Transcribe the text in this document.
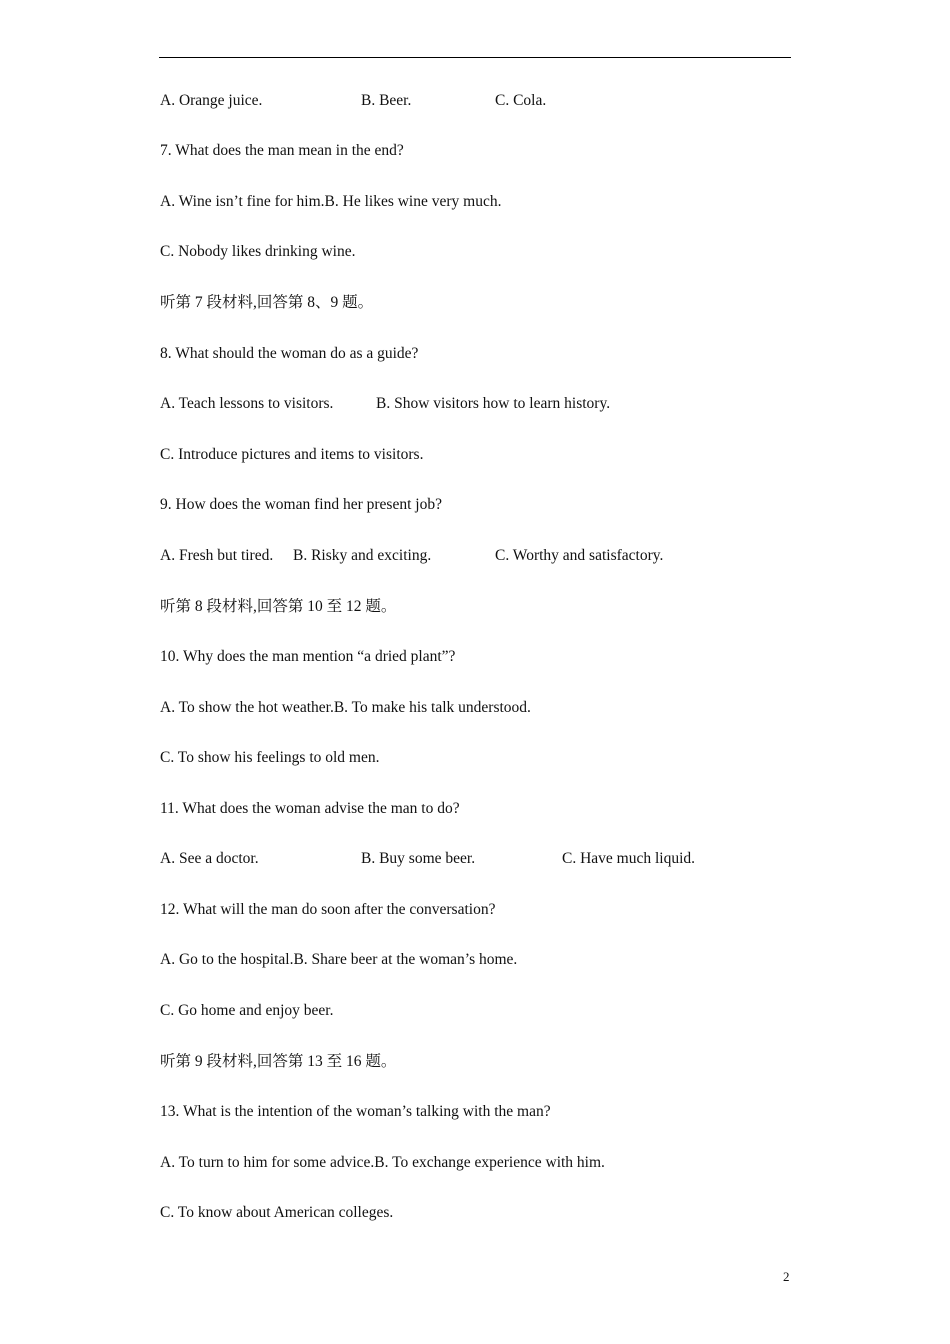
A. Orange juice.	B. Beer.	C. Cola.
7. What does the man mean in the end?
A. Wine isn’t fine for him.B. He likes wine very much.
C. Nobody likes drinking wine.
听第 7 段材料,回答第 8、9 题。
8. What should the woman do as a guide?
A. Teach lessons to visitors.	B. Show visitors how to learn history.
C. Introduce pictures and items to visitors.
9. How does the woman find her present job?
A. Fresh but tired. B. Risky and exciting.	C. Worthy and satisfactory.
听第 8 段材料,回答第 10 至 12 题。
10. Why does the man mention “a dried plant”?
A. To show the hot weather.B. To make his talk understood.
C. To show his feelings to old men.
11. What does the woman advise the man to do?
A. See a doctor.	B. Buy some beer.	C. Have much liquid.
12. What will the man do soon after the conversation?
A. Go to the hospital.B. Share beer at the woman’s home.
C. Go home and enjoy beer.
听第 9 段材料,回答第 13 至 16 题。
13. What is the intention of the woman’s talking with the man?
A. To turn to him for some advice.B. To exchange experience with him.
C. To know about American colleges.
2
